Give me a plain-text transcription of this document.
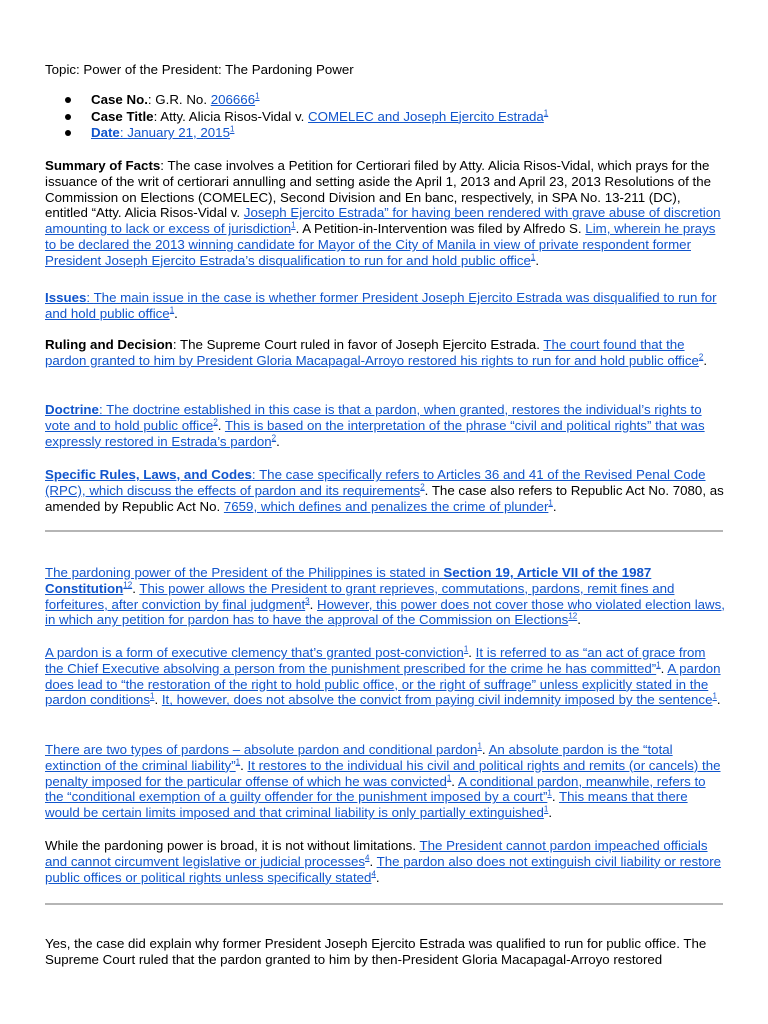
Topic: Power of the President: The Pardoning Power

Case No.: G.R. No. 206666$^1$
Case Title: Atty. Alicia Risos-Vidal v. COMELEC and Joseph Ejercito Estrada$^1$
Date: January 21, 2015$^1$

Summary of Facts: The case involves a Petition for Certiorari filed by Atty. Alicia Risos-Vidal, which prays for the issuance of the writ of certiorari annulling and setting aside the April 1, 2013 and April 23, 2013 Resolutions of the Commission on Elections (COMELEC), Second Division and En banc, respectively, in SPA No. 13-211 (DC), entitled “Atty. Alicia Risos-Vidal v. Joseph Ejercito Estrada” for having been rendered with grave abuse of discretion amounting to lack or excess of jurisdiction$^1$. A Petition-in-Intervention was filed by Alfredo S. Lim, wherein he prays to be declared the 2013 winning candidate for Mayor of the City of Manila in view of private respondent former President Joseph Ejercito Estrada’s disqualification to run for and hold public office$^1$.

Issues: The main issue in the case is whether former President Joseph Ejercito Estrada was disqualified to run for and hold public office$^1$.

Ruling and Decision: The Supreme Court ruled in favor of Joseph Ejercito Estrada. The court found that the pardon granted to him by President Gloria Macapagal-Arroyo restored his rights to run for and hold public office$^2$.

Doctrine: The doctrine established in this case is that a pardon, when granted, restores the individual’s rights to vote and to hold public office$^2$. This is based on the interpretation of the phrase “civil and political rights” that was expressly restored in Estrada’s pardon$^2$.

Specific Rules, Laws, and Codes: The case specifically refers to Articles 36 and 41 of the Revised Penal Code (RPC), which discuss the effects of pardon and its requirements$^2$. The case also refers to Republic Act No. 7080, as amended by Republic Act No. 7659, which defines and penalizes the crime of plunder$^1$.

The pardoning power of the President of the Philippines is stated in Section 19, Article VII of the 1987 Constitution$^{12}$. This power allows the President to grant reprieves, commutations, pardons, remit fines and forfeitures, after conviction by final judgment$^3$. However, this power does not cover those who violated election laws, in which any petition for pardon has to have the approval of the Commission on Elections$^{12}$.

A pardon is a form of executive clemency that’s granted post-conviction$^1$. It is referred to as “an act of grace from the Chief Executive absolving a person from the punishment prescribed for the crime he has committed”$^1$. A pardon does lead to “the restoration of the right to hold public office, or the right of suffrage” unless explicitly stated in the pardon conditions$^1$. It, however, does not absolve the convict from paying civil indemnity imposed by the sentence$^1$.

There are two types of pardons – absolute pardon and conditional pardon$^1$. An absolute pardon is the “total extinction of the criminal liability”$^1$. It restores to the individual his civil and political rights and remits (or cancels) the penalty imposed for the particular offense of which he was convicted$^1$. A conditional pardon, meanwhile, refers to the “conditional exemption of a guilty offender for the punishment imposed by a court”$^1$. This means that there would be certain limits imposed and that criminal liability is only partially extinguished$^1$.

While the pardoning power is broad, it is not without limitations. The President cannot pardon impeached officials and cannot circumvent legislative or judicial processes$^4$. The pardon also does not extinguish civil liability or restore public offices or political rights unless specifically stated$^4$.

Yes, the case did explain why former President Joseph Ejercito Estrada was qualified to run for public office. The Supreme Court ruled that the pardon granted to him by then-President Gloria Macapagal-Arroyo restored
